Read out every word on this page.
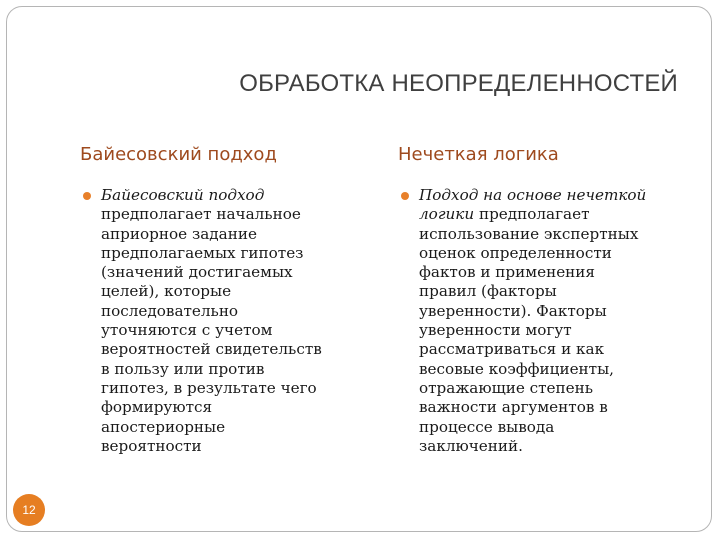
ОБРАБОТКА НЕОПРЕДЕЛЕННОСТЕЙ
Байесовский подход
Байесовский подход
предполагает начальное
априорное задание
предполагаемых гипотез
(значений достигаемых
целей), которые
последовательно
уточняются с учетом
вероятностей свидетельств
в пользу или против
гипотез, в результате чего
формируются
апостериорные
вероятности
Нечеткая логика
Подход на основе нечеткой
логики предполагает
использование экспертных
оценок определенности
фактов и применения
правил (факторы
уверенности). Факторы
уверенности могут
рассматриваться и как
весовые коэффициенты,
отражающие степень
важности аргументов в
процессе вывода
заключений.
12
